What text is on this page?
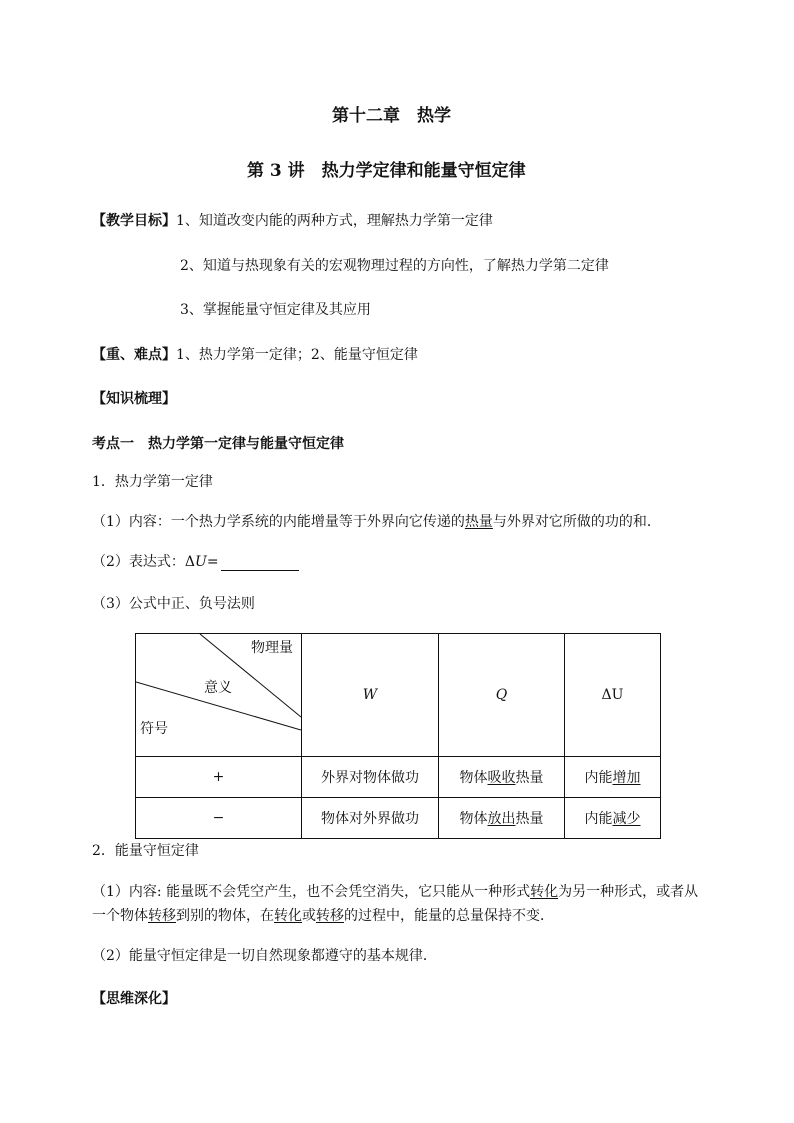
第十二章　热学
第 3 讲　热力学定律和能量守恒定律
【教学目标】1、知道改变内能的两种方式，理解热力学第一定律
2、知道与热现象有关的宏观物理过程的方向性，了解热力学第二定律
3、掌握能量守恒定律及其应用
【重、难点】1、热力学第一定律；2、能量守恒定律
【知识梳理】
考点一　热力学第一定律与能量守恒定律
1．热力学第一定律
（1）内容：一个热力学系统的内能增量等于外界向它传递的热量与外界对它所做的功的和．
（2）表达式：ΔU=
（3）公式中正、负号法则
物理量
意义
符号	W	Q	ΔU
+	外界对物体做功	物体吸收热量	内能增加
−	物体对外界做功	物体放出热量	内能减少
2．能量守恒定律
（1）内容: 能量既不会凭空产生，也不会凭空消失，它只能从一种形式转化为另一种形式，或者从
一个物体转移到别的物体，在转化或转移的过程中，能量的总量保持不变．
（2）能量守恒定律是一切自然现象都遵守的基本规律．
【思维深化】
